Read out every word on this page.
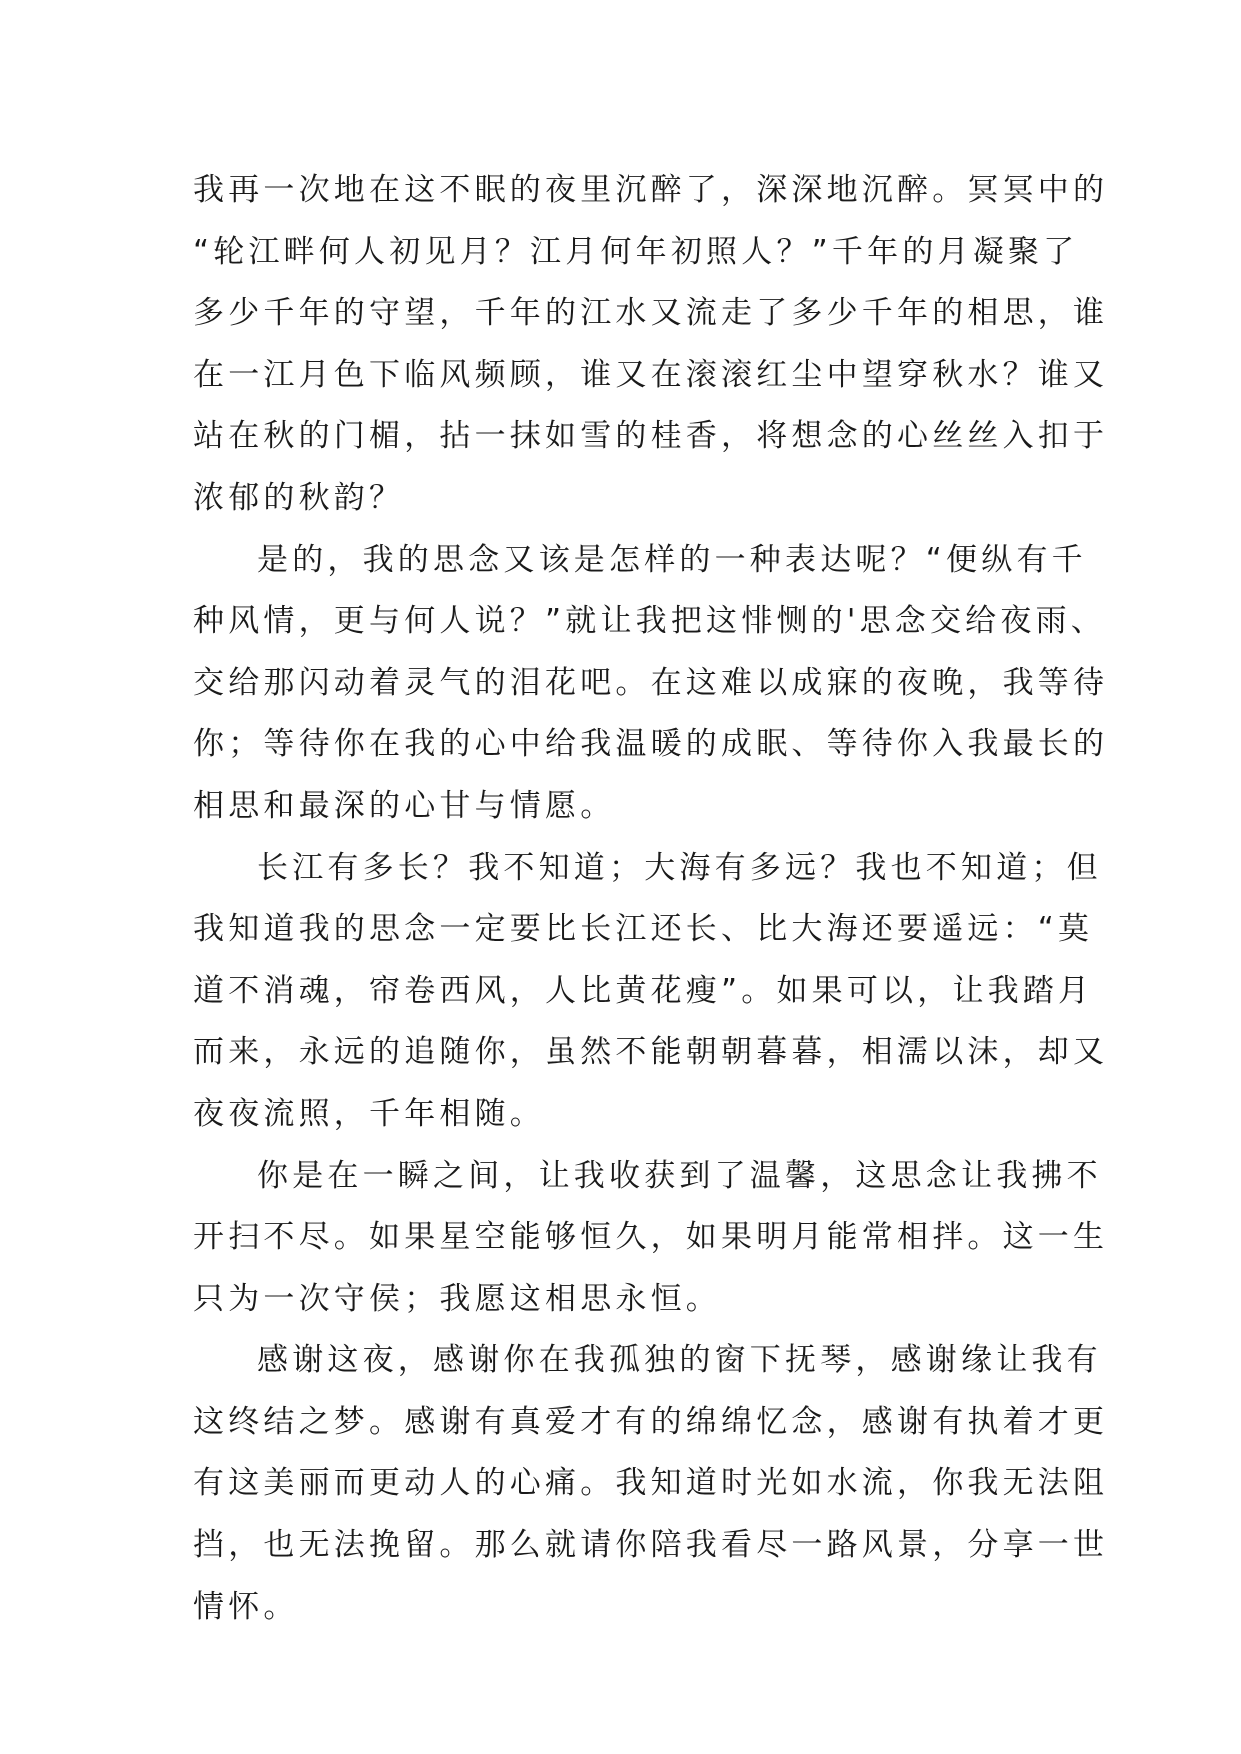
我再一次地在这不眠的夜里沉醉了，深深地沉醉。冥冥中的
“轮江畔何人初见月？江月何年初照人？”千年的月凝聚了
多少千年的守望，千年的江水又流走了多少千年的相思，谁
在一江月色下临风频顾，谁又在滚滚红尘中望穿秋水？谁又
站在秋的门楣，拈一抹如雪的桂香，将想念的心丝丝入扣于
浓郁的秋韵？
是的，我的思念又该是怎样的一种表达呢？“便纵有千
种风情，更与何人说？”就让我把这悱恻的'思念交给夜雨、
交给那闪动着灵气的泪花吧。在这难以成寐的夜晚，我等待
你；等待你在我的心中给我温暖的成眠、等待你入我最长的
相思和最深的心甘与情愿。
长江有多长？我不知道；大海有多远？我也不知道；但
我知道我的思念一定要比长江还长、比大海还要遥远：“莫
道不消魂，帘卷西风，人比黄花瘦”。如果可以，让我踏月
而来，永远的追随你，虽然不能朝朝暮暮，相濡以沫，却又
夜夜流照，千年相随。
你是在一瞬之间，让我收获到了温馨，这思念让我拂不
开扫不尽。如果星空能够恒久，如果明月能常相拌。这一生
只为一次守侯；我愿这相思永恒。
感谢这夜，感谢你在我孤独的窗下抚琴，感谢缘让我有
这终结之梦。感谢有真爱才有的绵绵忆念，感谢有执着才更
有这美丽而更动人的心痛。我知道时光如水流，你我无法阻
挡，也无法挽留。那么就请你陪我看尽一路风景，分享一世
情怀。
